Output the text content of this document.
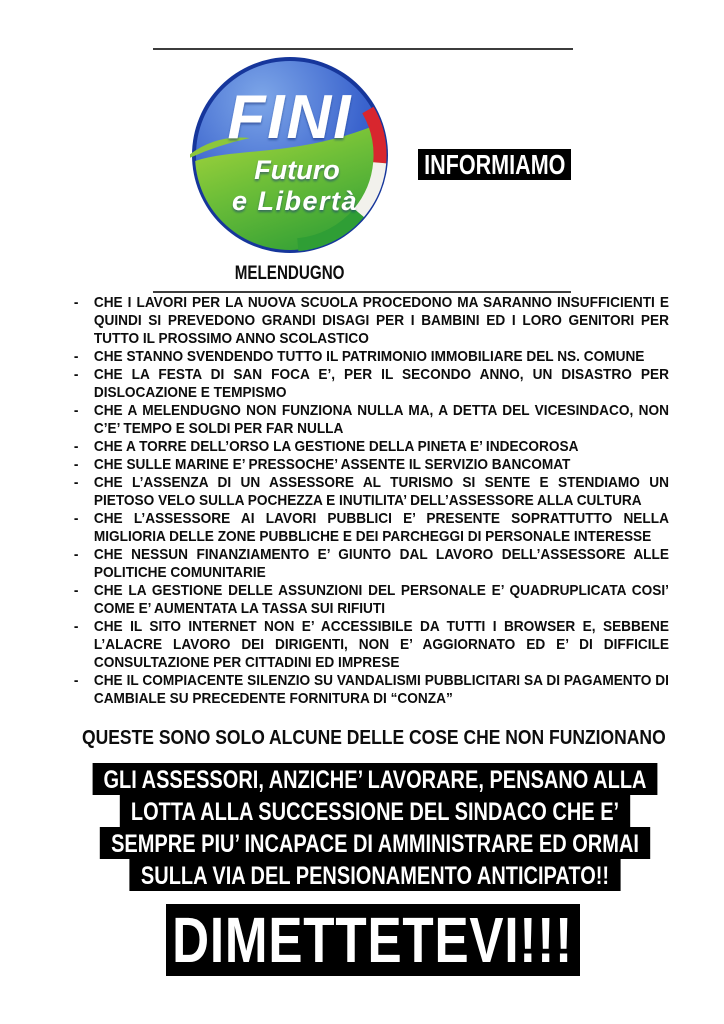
FINI
Futuro
e Libertà
INFORMIAMO
MELENDUGNO
- CHE I LAVORI PER LA NUOVA SCUOLA PROCEDONO MA SARANNO INSUFFICIENTI E QUINDI SI PREVEDONO GRANDI DISAGI PER I BAMBINI ED I LORO GENITORI PER TUTTO IL PROSSIMO ANNO SCOLASTICO
- CHE STANNO SVENDENDO TUTTO IL PATRIMONIO IMMOBILIARE DEL NS. COMUNE
- CHE LA FESTA DI SAN FOCA E’, PER IL SECONDO ANNO, UN DISASTRO PER DISLOCAZIONE E TEMPISMO
- CHE A MELENDUGNO NON FUNZIONA NULLA MA, A DETTA DEL VICESINDACO, NON C’E’ TEMPO E SOLDI PER FAR NULLA
- CHE A TORRE DELL’ORSO LA GESTIONE DELLA PINETA E’ INDECOROSA
- CHE SULLE MARINE E’ PRESSOCHE’ ASSENTE IL SERVIZIO BANCOMAT
- CHE L’ASSENZA DI UN ASSESSORE AL TURISMO SI SENTE E STENDIAMO UN PIETOSO VELO SULLA POCHEZZA E INUTILITA’ DELL’ASSESSORE ALLA CULTURA
- CHE L’ASSESSORE AI LAVORI PUBBLICI E’ PRESENTE SOPRATTUTTO NELLA MIGLIORIA DELLE ZONE PUBBLICHE E DEI PARCHEGGI DI PERSONALE INTERESSE
- CHE NESSUN FINANZIAMENTO E’ GIUNTO DAL LAVORO DELL’ASSESSORE ALLE POLITICHE COMUNITARIE
- CHE LA GESTIONE DELLE ASSUNZIONI DEL PERSONALE E’ QUADRUPLICATA COSI’ COME E’ AUMENTATA LA TASSA SUI RIFIUTI
- CHE IL SITO INTERNET NON E’ ACCESSIBILE DA TUTTI I BROWSER E, SEBBENE L’ALACRE LAVORO DEI DIRIGENTI, NON E’ AGGIORNATO ED E’ DI DIFFICILE CONSULTAZIONE PER CITTADINI ED IMPRESE
- CHE IL COMPIACENTE SILENZIO SU VANDALISMI PUBBLICITARI SA DI PAGAMENTO DI CAMBIALE SU PRECEDENTE FORNITURA DI “CONZA”
QUESTE SONO SOLO ALCUNE DELLE COSE CHE NON FUNZIONANO
GLI ASSESSORI, ANZICHE’ LAVORARE, PENSANO ALLA
LOTTA ALLA SUCCESSIONE DEL SINDACO CHE E’
SEMPRE PIU’ INCAPACE DI AMMINISTRARE ED ORMAI
SULLA VIA DEL PENSIONAMENTO ANTICIPATO!!
DIMETTETEVI!!!
